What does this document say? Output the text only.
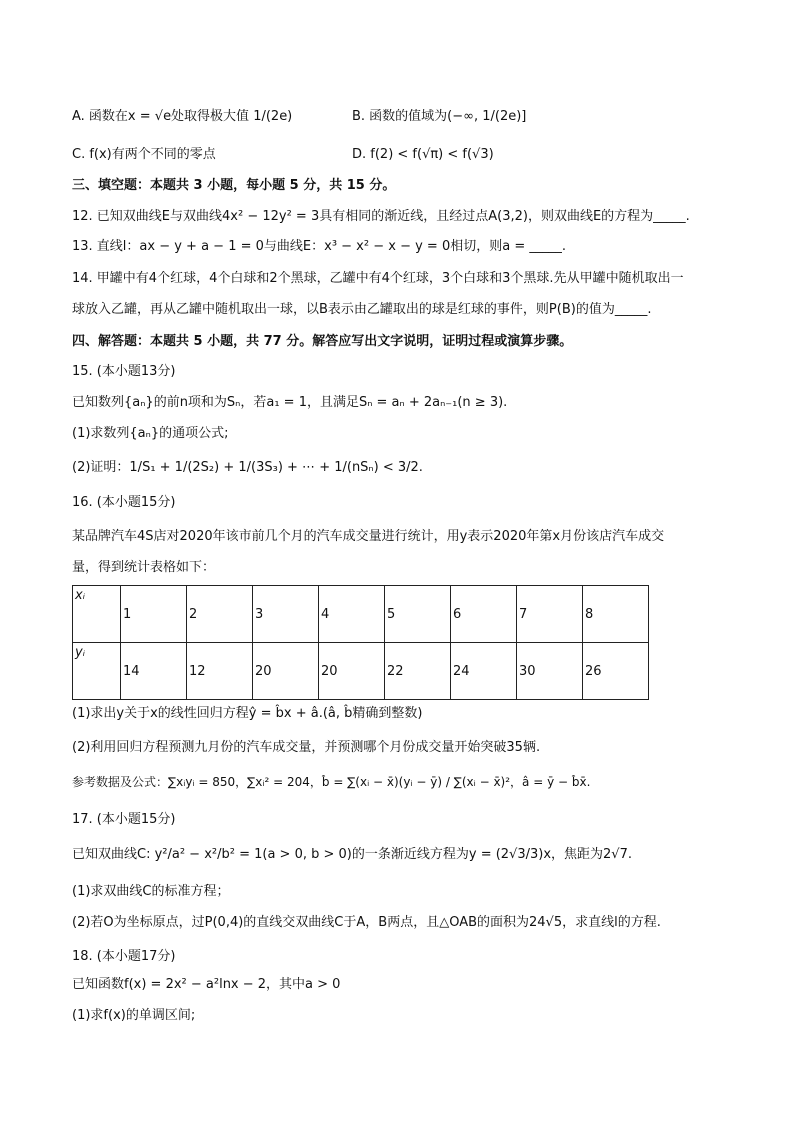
A. 函数在x = √e处取得极大值 1/(2e)	B. 函数的值域为(−∞, 1/(2e)]
C. f(x)有两个不同的零点	D. f(2) < f(√π) < f(√3)
三、填空题：本题共 3 小题，每小题 5 分，共 15 分。
12. 已知双曲线E与双曲线4x² − 12y² = 3具有相同的渐近线，且经过点A(3,2)，则双曲线E的方程为_____.
13. 直线l：ax − y + a − 1 = 0与曲线E：x³ − x² − x − y = 0相切，则a = _____.
14. 甲罐中有4个红球，4个白球和2个黑球，乙罐中有4个红球，3个白球和3个黑球.先从甲罐中随机取出一
球放入乙罐，再从乙罐中随机取出一球，以B表示由乙罐取出的球是红球的事件，则P(B)的值为_____.
四、解答题：本题共 5 小题，共 77 分。解答应写出文字说明，证明过程或演算步骤。
15. (本小题13分)
已知数列{aₙ}的前n项和为Sₙ，若a₁ = 1，且满足Sₙ = aₙ + 2aₙ₋₁(n ≥ 3).
(1)求数列{aₙ}的通项公式;
(2)证明：1/S₁ + 1/(2S₂) + 1/(3S₃) + ⋯ + 1/(nSₙ) < 3/2.
16. (本小题15分)
某品牌汽车4S店对2020年该市前几个月的汽车成交量进行统计，用y表示2020年第x月份该店汽车成交
量，得到统计表格如下：
xᵢ	1	2	3	4	5	6	7	8
yᵢ	14	12	20	20	22	24	30	26
(1)求出y关于x的线性回归方程ŷ = b̂x + â.(â, b̂精确到整数)
(2)利用回归方程预测九月份的汽车成交量，并预测哪个月份成交量开始突破35辆.
参考数据及公式：∑xᵢyᵢ = 850，∑xᵢ² = 204，b̂ = ∑(xᵢ − x̄)(yᵢ − ȳ) / ∑(xᵢ − x̄)²，â = ȳ − b̂x̄.
17. (本小题15分)
已知双曲线C: y²/a² − x²/b² = 1(a > 0, b > 0)的一条渐近线方程为y = (2√3/3)x，焦距为2√7.
(1)求双曲线C的标准方程；
(2)若O为坐标原点，过P(0,4)的直线交双曲线C于A，B两点，且△OAB的面积为24√5，求直线l的方程.
18. (本小题17分)
已知函数f(x) = 2x² − a²lnx − 2，其中a > 0
(1)求f(x)的单调区间;
